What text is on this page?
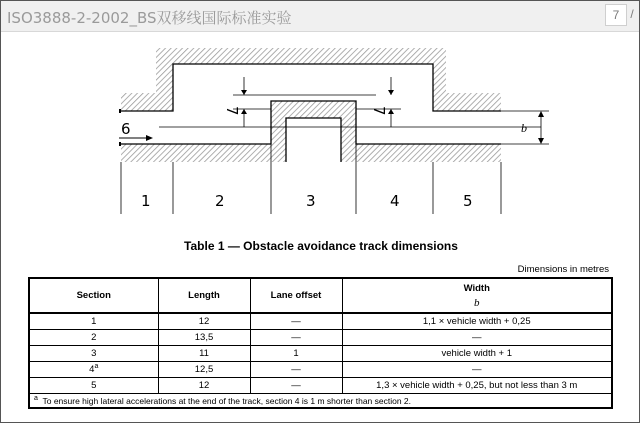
ISO3888-2-2002_BS双移线国际标准实验	7 /
6
7	7
b
1	2	3	4	5
Table 1 — Obstacle avoidance track dimensions
Dimensions in metres
Section	Length	Lane offset	Width
b

1	12	—	1,1 × vehicle width + 0,25
2	13,5	—	—
3	11	1	vehicle width + 1
4$^a$	12,5	—	—
5	12	—	1,3 × vehicle width + 0,25, but not less than 3 m
$^a$ To ensure high lateral accelerations at the end of the track, section 4 is 1 m shorter than section 2.			
